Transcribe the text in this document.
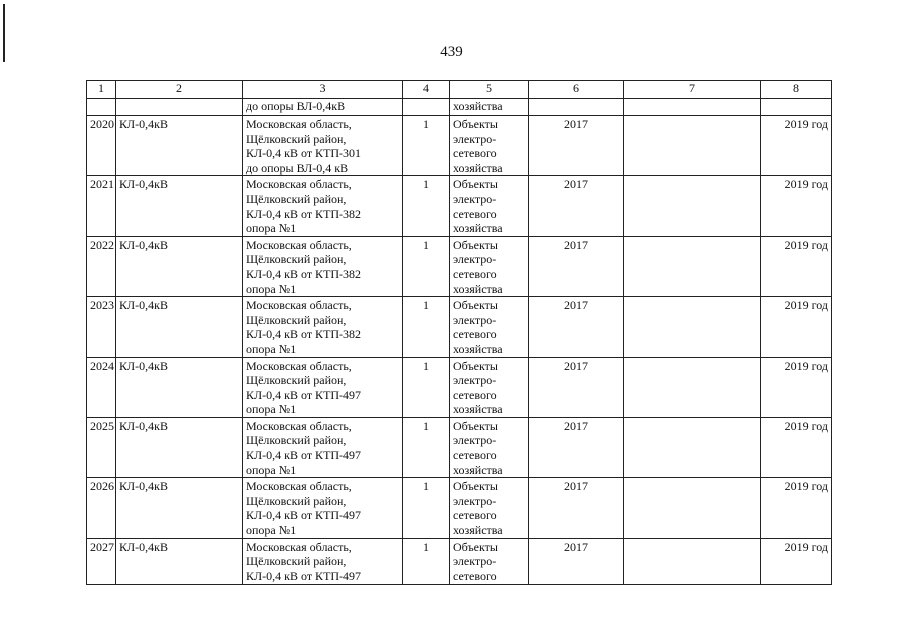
439
1	2	3	4	5	6	7	8

		до опоры ВЛ-0,4кВ		хозяйства			

2020	КЛ-0,4кВ	Московская область,
Щёлковский район,
КЛ-0,4 кВ от КТП-301
до опоры ВЛ-0,4 кВ	1	Объекты
электро-
сетевого
хозяйства	2017		2019 год
2021	КЛ-0,4кВ	Московская область,
Щёлковский район,
КЛ-0,4 кВ от КТП-382
опора №1	1	Объекты
электро-
сетевого
хозяйства	2017		2019 год
2022	КЛ-0,4кВ	Московская область,
Щёлковский район,
КЛ-0,4 кВ от КТП-382
опора №1	1	Объекты
электро-
сетевого
хозяйства	2017		2019 год
2023	КЛ-0,4кВ	Московская область,
Щёлковский район,
КЛ-0,4 кВ от КТП-382
опора №1	1	Объекты
электро-
сетевого
хозяйства	2017		2019 год
2024	КЛ-0,4кВ	Московская область,
Щёлковский район,
КЛ-0,4 кВ от КТП-497
опора №1	1	Объекты
электро-
сетевого
хозяйства	2017		2019 год
2025	КЛ-0,4кВ	Московская область,
Щёлковский район,
КЛ-0,4 кВ от КТП-497
опора №1	1	Объекты
электро-
сетевого
хозяйства	2017		2019 год
2026	КЛ-0,4кВ	Московская область,
Щёлковский район,
КЛ-0,4 кВ от КТП-497
опора №1	1	Объекты
электро-
сетевого
хозяйства	2017		2019 год
2027	КЛ-0,4кВ	Московская область,
Щёлковский район,
КЛ-0,4 кВ от КТП-497	1	Объекты
электро-
сетевого	2017		2019 год
